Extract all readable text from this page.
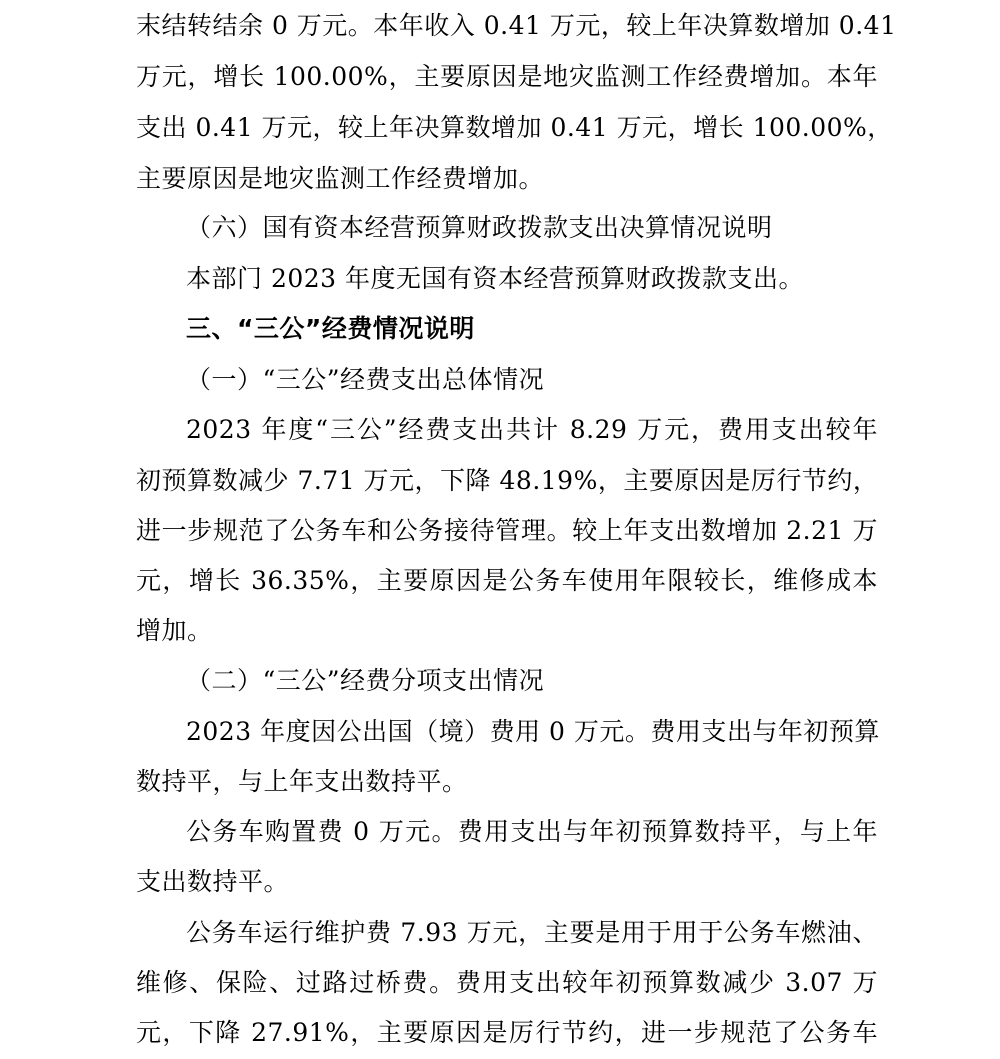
末结转结余 0 万元。本年收入 0.41 万元，较上年决算数增加 0.41
万元，增长 100.00%，主要原因是地灾监测工作经费增加。本年
支出 0.41 万元，较上年决算数增加 0.41 万元，增长 100.00%，
主要原因是地灾监测工作经费增加。
（六）国有资本经营预算财政拨款支出决算情况说明
本部门 2023 年度无国有资本经营预算财政拨款支出。
三、“三公”经费情况说明
（一）“三公”经费支出总体情况
2023 年度“三公”经费支出共计 8.29 万元，费用支出较年
初预算数减少 7.71 万元，下降 48.19%，主要原因是厉行节约，
进一步规范了公务车和公务接待管理。较上年支出数增加 2.21 万
元，增长 36.35%，主要原因是公务车使用年限较长，维修成本
增加。
（二）“三公”经费分项支出情况
2023 年度因公出国（境）费用 0 万元。费用支出与年初预算
数持平，与上年支出数持平。
公务车购置费 0 万元。费用支出与年初预算数持平，与上年
支出数持平。
公务车运行维护费 7.93 万元，主要是用于用于公务车燃油、
维修、保险、过路过桥费。费用支出较年初预算数减少 3.07 万
元，下降 27.91%，主要原因是厉行节约，进一步规范了公务车
